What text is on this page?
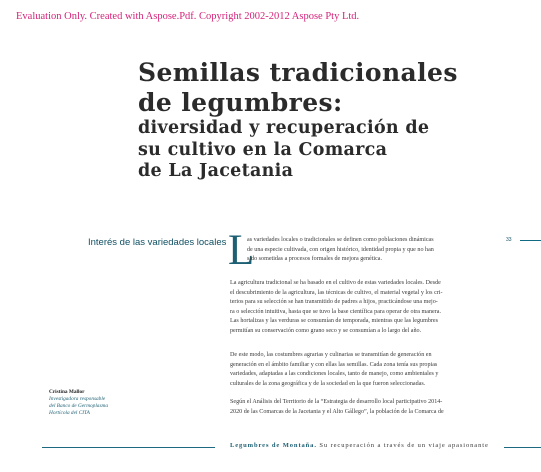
Evaluation Only. Created with Aspose.Pdf. Copyright 2002-2012 Aspose Pty Ltd.
Semillas tradicionales
de legumbres:
diversidad y recuperación de
su cultivo en la Comarca
de La Jacetania
Interés de las variedades locales	33
L
as variedades locales o tradicionales se definen como poblaciones dinámicas
de una especie cultivada, con origen histórico, identidad propia y que no han
sido sometidas a procesos formales de mejora genética.
La agricultura tradicional se ha basado en el cultivo de estas variedades locales. Desde
el descubrimiento de la agricultura, las técnicas de cultivo, el material vegetal y los cri-
terios para su selección se han transmitido de padres a hijos, practicándose una mejo-
ra o selección intuitiva, hasta que se tuvo la base científica para operar de otra manera.
Las hortalizas y las verduras se consumían de temporada, mientras que las legumbres
permitían su conservación como grano seco y se consumían a lo largo del año.
De este modo, las costumbres agrarias y culinarias se transmitían de generación en
generación en el ámbito familiar y con ellas las semillas. Cada zona tenía sus propias
variedades, adaptadas a las condiciones locales, tanto de manejo, como ambientales y
culturales de la zona geográfica y de la sociedad en la que fueron seleccionadas.
Según el Análisis del Territorio de la “Estrategia de desarrollo local participativo 2014-
2020 de las Comarcas de la Jacetania y el Alto Gállego”, la población de la Comarca de
Cristina Mallor
Investigadora responsable
del Banco de Germoplasma
Hortícola del CITA
Legumbres de Montaña. Su recuperación a través de un viaje apasionante
